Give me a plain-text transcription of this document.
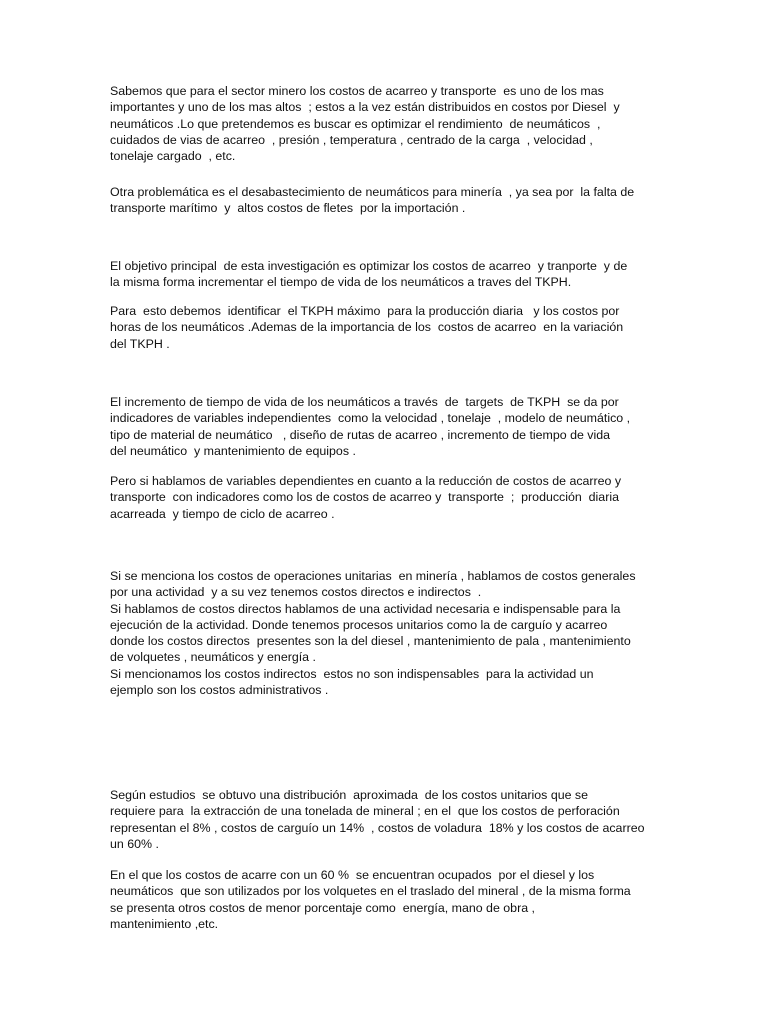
Sabemos que para el sector minero los costos de acarreo y transporte  es uno de los mas
importantes y uno de los mas altos  ; estos a la vez están distribuidos en costos por Diesel  y
neumáticos .Lo que pretendemos es buscar es optimizar el rendimiento  de neumáticos  ,
cuidados de vias de acarreo  , presión , temperatura , centrado de la carga  , velocidad ,
tonelaje cargado  , etc.

Otra problemática es el desabastecimiento de neumáticos para minería  , ya sea por  la falta de
transporte marítimo  y  altos costos de fletes  por la importación .

El objetivo principal  de esta investigación es optimizar los costos de acarreo  y tranporte  y de
la misma forma incrementar el tiempo de vida de los neumáticos a traves del TKPH.

Para  esto debemos  identificar  el TKPH máximo  para la producción diaria   y los costos por
horas de los neumáticos .Ademas de la importancia de los  costos de acarreo  en la variación
del TKPH .

El incremento de tiempo de vida de los neumáticos a través  de  targets  de TKPH  se da por
indicadores de variables independientes  como la velocidad , tonelaje  , modelo de neumático ,
tipo de material de neumático   , diseño de rutas de acarreo , incremento de tiempo de vida
del neumático  y mantenimiento de equipos .

Pero si hablamos de variables dependientes en cuanto a la reducción de costos de acarreo y
transporte  con indicadores como los de costos de acarreo y  transporte  ;  producción  diaria
acarreada  y tiempo de ciclo de acarreo .

Si se menciona los costos de operaciones unitarias  en minería , hablamos de costos generales
por una actividad  y a su vez tenemos costos directos e indirectos  .
Si hablamos de costos directos hablamos de una actividad necesaria e indispensable para la
ejecución de la actividad. Donde tenemos procesos unitarios como la de carguío y acarreo
donde los costos directos  presentes son la del diesel , mantenimiento de pala , mantenimiento
de volquetes , neumáticos y energía .
Si mencionamos los costos indirectos  estos no son indispensables  para la actividad un
ejemplo son los costos administrativos .

Según estudios  se obtuvo una distribución  aproximada  de los costos unitarios que se
requiere para  la extracción de una tonelada de mineral ; en el  que los costos de perforación
representan el 8% , costos de carguío un 14%  , costos de voladura  18% y los costos de acarreo
un 60% .

En el que los costos de acarre con un 60 %  se encuentran ocupados  por el diesel y los
neumáticos  que son utilizados por los volquetes en el traslado del mineral , de la misma forma
se presenta otros costos de menor porcentaje como  energía, mano de obra ,
mantenimiento ,etc.
